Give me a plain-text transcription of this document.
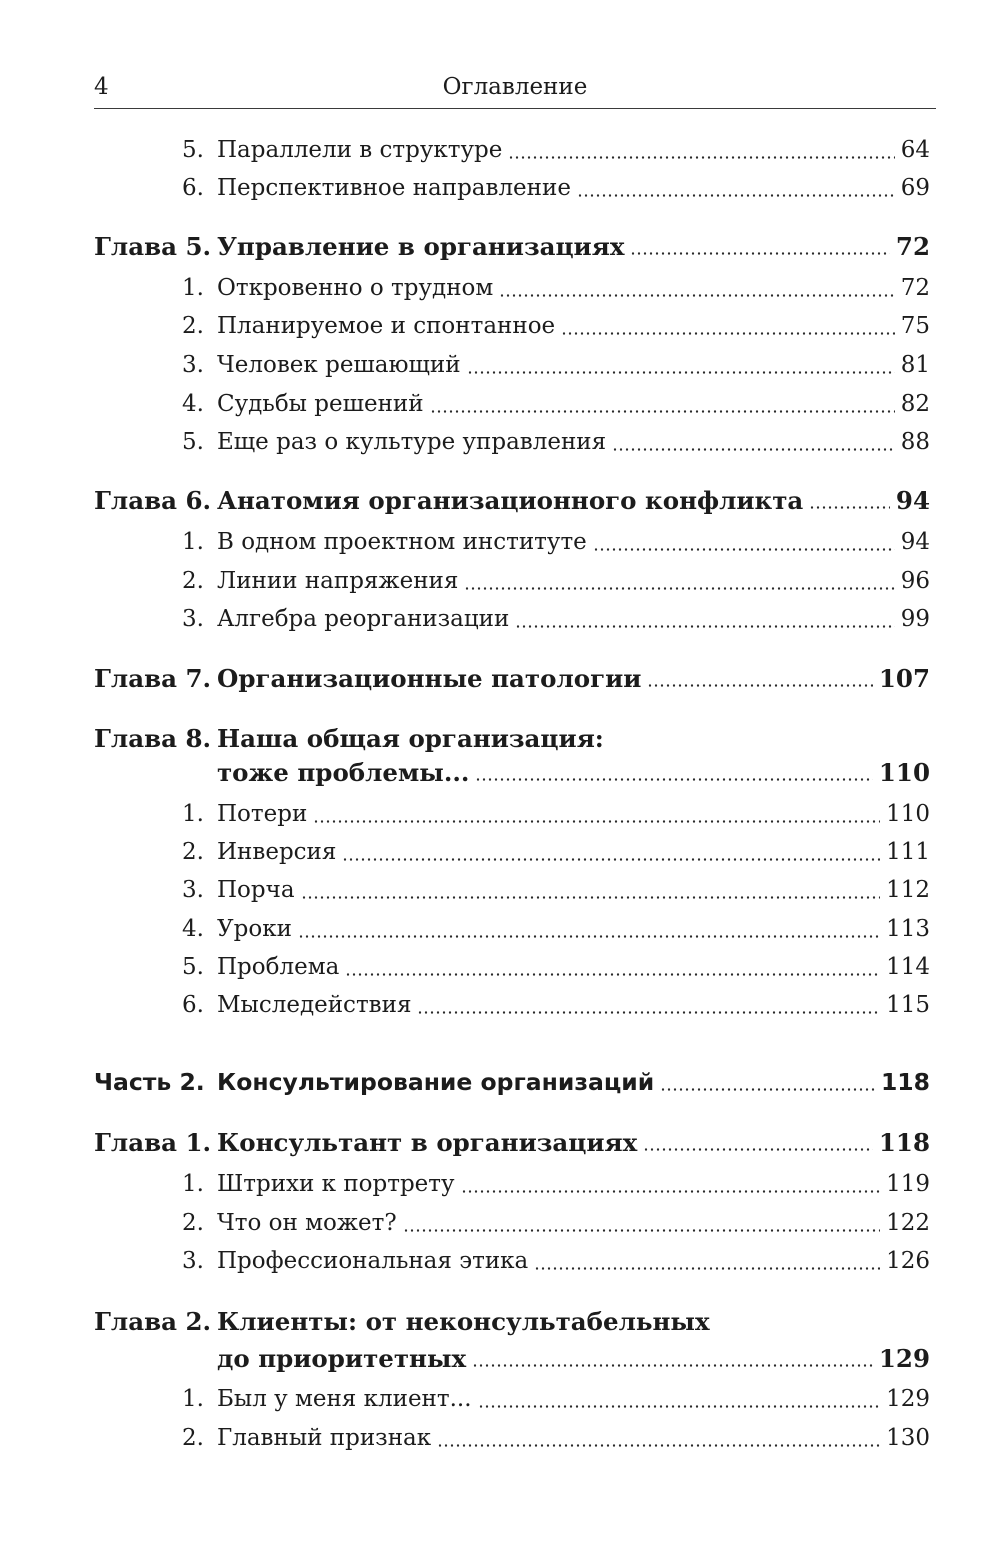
4	Оглавление
5. Параллели в структуре	64
6. Перспективное направление	69
Глава 5. Управление в организациях	72
1. Откровенно о трудном	72
2. Планируемое и спонтанное	75
3. Человек решающий	81
4. Судьбы решений	82
5. Еще раз о культуре управления	88
Глава 6. Анатомия организационного конфликта	94
1. В одном проектном институте	94
2. Линии напряжения	96
3. Алгебра реорганизации	99
Глава 7. Организационные патологии	107
Глава 8. Наша общая организация:
тоже проблемы...	110
1. Потери	110
2. Инверсия	111
3. Порча	112
4. Уроки	113
5. Проблема	114
6. Мыследействия	115
Часть 2. Консультирование организаций	118
Глава 1. Консультант в организациях	118
1. Штрихи к портрету	119
2. Что он может?	122
3. Профессиональная этика	126
Глава 2. Клиенты: от неконсультабельных
до приоритетных	129
1. Был у меня клиент...	129
2. Главный признак	130
